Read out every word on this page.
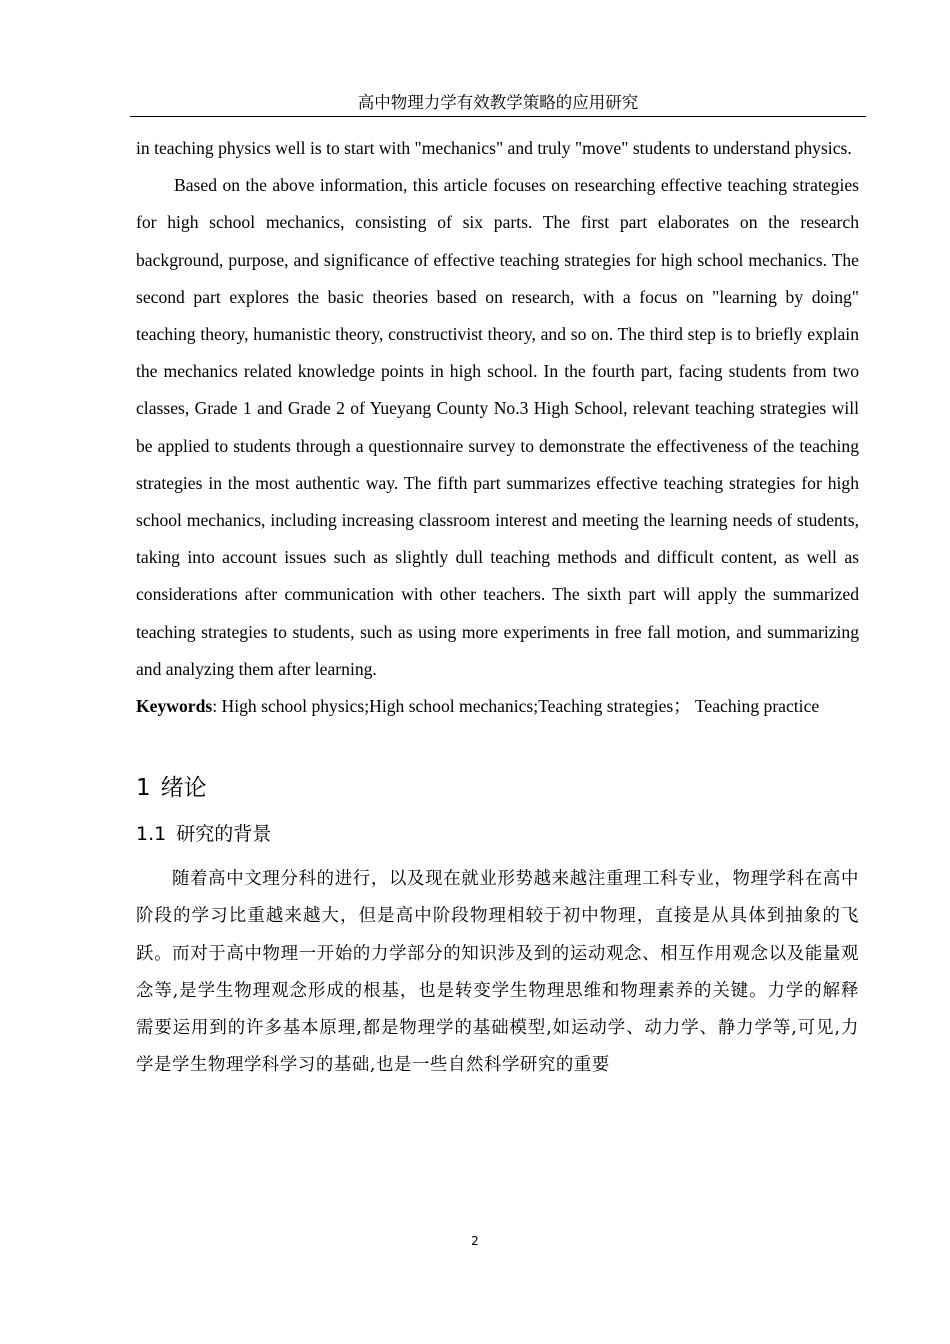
高中物理力学有效教学策略的应用研究

in teaching physics well is to start with "mechanics" and truly "move" students to understand physics.

Based on the above information, this article focuses on researching effective teaching strategies for high school mechanics, consisting of six parts. The first part elaborates on the research background, purpose, and significance of effective teaching strategies for high school mechanics. The second part explores the basic theories based on research, with a focus on "learning by doing" teaching theory, humanistic theory, constructivist theory, and so on. The third step is to briefly explain the mechanics related knowledge points in high school. In the fourth part, facing students from two classes, Grade 1 and Grade 2 of Yueyang County No.3 High School, relevant teaching strategies will be applied to students through a questionnaire survey to demonstrate the effectiveness of the teaching strategies in the most authentic way. The fifth part summarizes effective teaching strategies for high school mechanics, including increasing classroom interest and meeting the learning needs of students, taking into account issues such as slightly dull teaching methods and difficult content, as well as considerations after communication with other teachers. The sixth part will apply the summarized teaching strategies to students, such as using more experiments in free fall motion, and summarizing and analyzing them after learning.

Keywords: High school physics;High school mechanics;Teaching strategies； Teaching practice

1 绪论
1.1 研究的背景

随着高中文理分科的进行，以及现在就业形势越来越注重理工科专业，物理学科在高中阶段的学习比重越来越大，但是高中阶段物理相较于初中物理，直接是从具体到抽象的飞跃。而对于高中物理一开始的力学部分的知识涉及到的运动观念、相互作用观念以及能量观念等,是学生物理观念形成的根基，也是转变学生物理思维和物理素养的关键。力学的解释需要运用到的许多基本原理,都是物理学的基础模型,如运动学、动力学、静力学等,可见,力学是学生物理学科学习的基础,也是一些自然科学研究的重要

2
